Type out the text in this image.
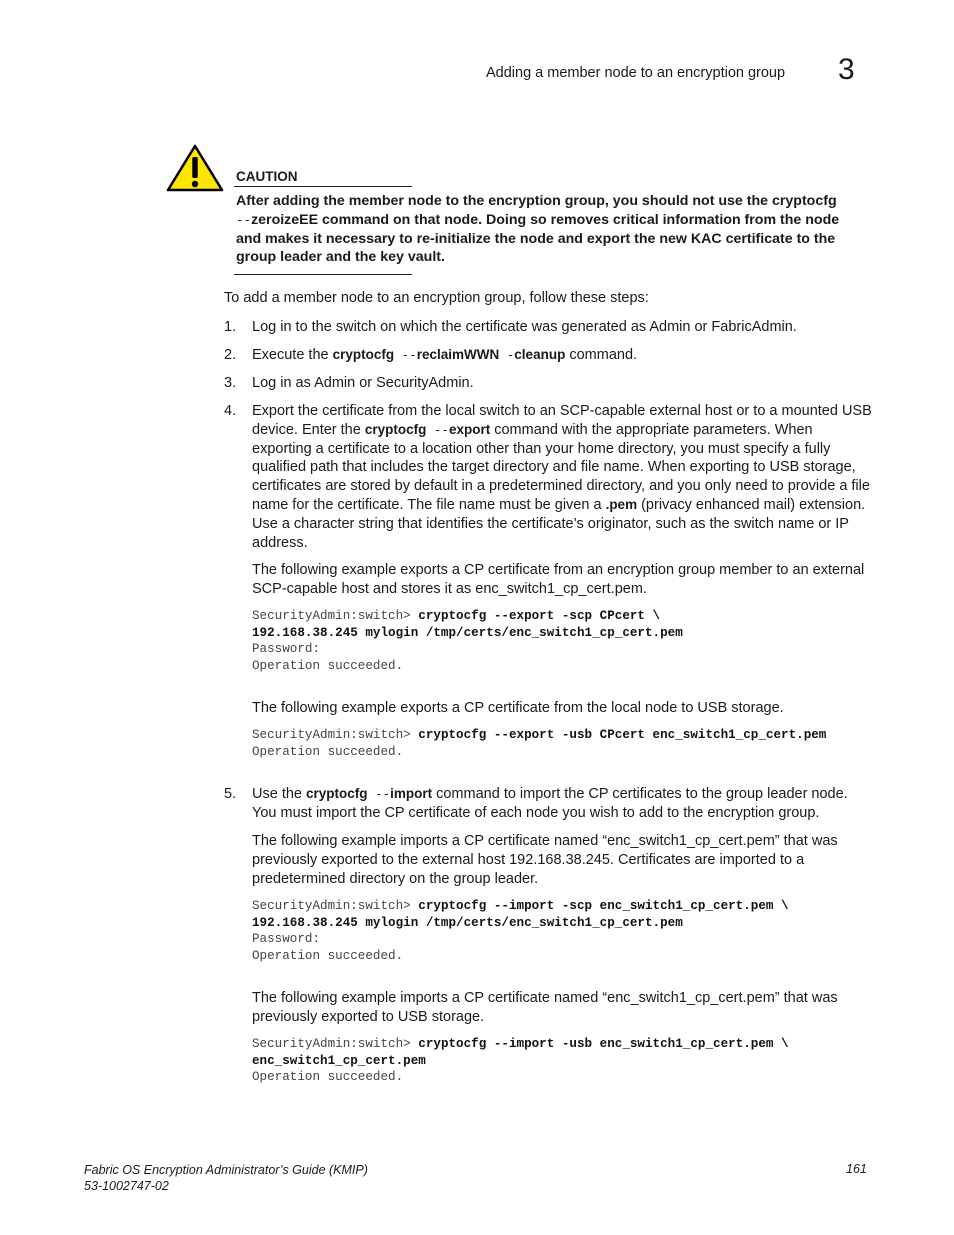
Adding a member node to an encryption group 3
CAUTION
After adding the member node to the encryption group, you should not use the cryptocfg
--zeroizeEE command on that node. Doing so removes critical information from the node and makes it necessary to re-initialize the node and export the new KAC certificate to the group leader and the key vault.
To add a member node to an encryption group, follow these steps:
1. Log in to the switch on which the certificate was generated as Admin or FabricAdmin.
2. Execute the cryptocfg --reclaimWWN -cleanup command.
3. Log in as Admin or SecurityAdmin.
4. Export the certificate from the local switch to an SCP-capable external host or to a mounted USB device. Enter the cryptocfg --export command with the appropriate parameters. When exporting a certificate to a location other than your home directory, you must specify a fully qualified path that includes the target directory and file name. When exporting to USB storage, certificates are stored by default in a predetermined directory, and you only need to provide a file name for the certificate. The file name must be given a .pem (privacy enhanced mail) extension. Use a character string that identifies the certificate’s originator, such as the switch name or IP address.
The following example exports a CP certificate from an encryption group member to an external SCP-capable host and stores it as enc_switch1_cp_cert.pem.
SecurityAdmin:switch> cryptocfg --export -scp CPcert \
192.168.38.245 mylogin /tmp/certs/enc_switch1_cp_cert.pem
Password:
Operation succeeded.
The following example exports a CP certificate from the local node to USB storage.
SecurityAdmin:switch> cryptocfg --export -usb CPcert enc_switch1_cp_cert.pem
Operation succeeded.
5. Use the cryptocfg --import command to import the CP certificates to the group leader node. You must import the CP certificate of each node you wish to add to the encryption group.
The following example imports a CP certificate named “enc_switch1_cp_cert.pem” that was previously exported to the external host 192.168.38.245. Certificates are imported to a predetermined directory on the group leader.
SecurityAdmin:switch> cryptocfg --import -scp enc_switch1_cp_cert.pem \
192.168.38.245 mylogin /tmp/certs/enc_switch1_cp_cert.pem
Password:
Operation succeeded.
The following example imports a CP certificate named “enc_switch1_cp_cert.pem” that was previously exported to USB storage.
SecurityAdmin:switch> cryptocfg --import -usb enc_switch1_cp_cert.pem \
enc_switch1_cp_cert.pem
Operation succeeded.
Fabric OS Encryption Administrator’s Guide (KMIP)
53-1002747-02
161
